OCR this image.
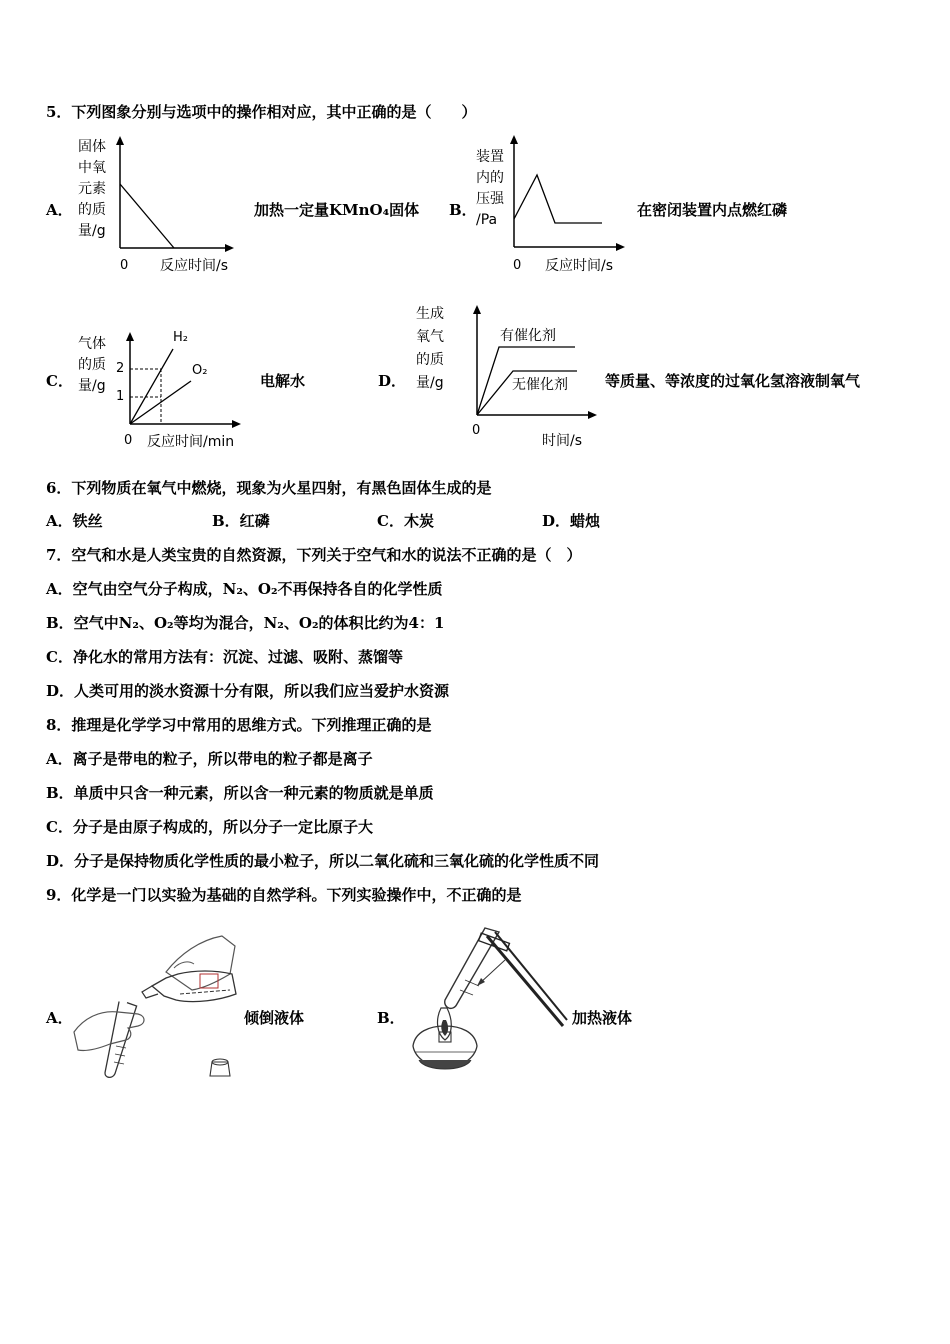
5．下列图象分别与选项中的操作相对应，其中正确的是（　　）
A．
固体
中氧
元素
的质
量/g
0 反应时间/s
加热一定量KMnO₄固体 B．
装置
内的
压强
/Pa
0 反应时间/s
在密闭装置内点燃红磷
C．
气体
的质
量/g
2
1
H₂
O₂
0 反应时间/min
电解水	D．
生成
氧气
的质
量/g
0
有催化剂
无催化剂
时间/s
等质量、等浓度的过氧化氢溶液制氧气
6．下列物质在氧气中燃烧，现象为火星四射，有黑色固体生成的是
A．铁丝	B．红磷	C．木炭	D．蜡烛
7．空气和水是人类宝贵的自然资源，下列关于空气和水的说法不正确的是（　）
A．空气由空气分子构成，N₂、O₂不再保持各自的化学性质
B．空气中N₂、O₂等均为混合，N₂、O₂的体积比约为4：1
C．净化水的常用方法有：沉淀、过滤、吸附、蒸馏等
D．人类可用的淡水资源十分有限，所以我们应当爱护水资源
8．推理是化学学习中常用的思维方式。下列推理正确的是
A．离子是带电的粒子，所以带电的粒子都是离子
B．单质中只含一种元素，所以含一种元素的物质就是单质
C．分子是由原子构成的，所以分子一定比原子大
D．分子是保持物质化学性质的最小粒子，所以二氧化硫和三氧化硫的化学性质不同
9．化学是一门以实验为基础的自然学科。下列实验操作中，不正确的是
A．	倾倒液体	B．	加热液体
